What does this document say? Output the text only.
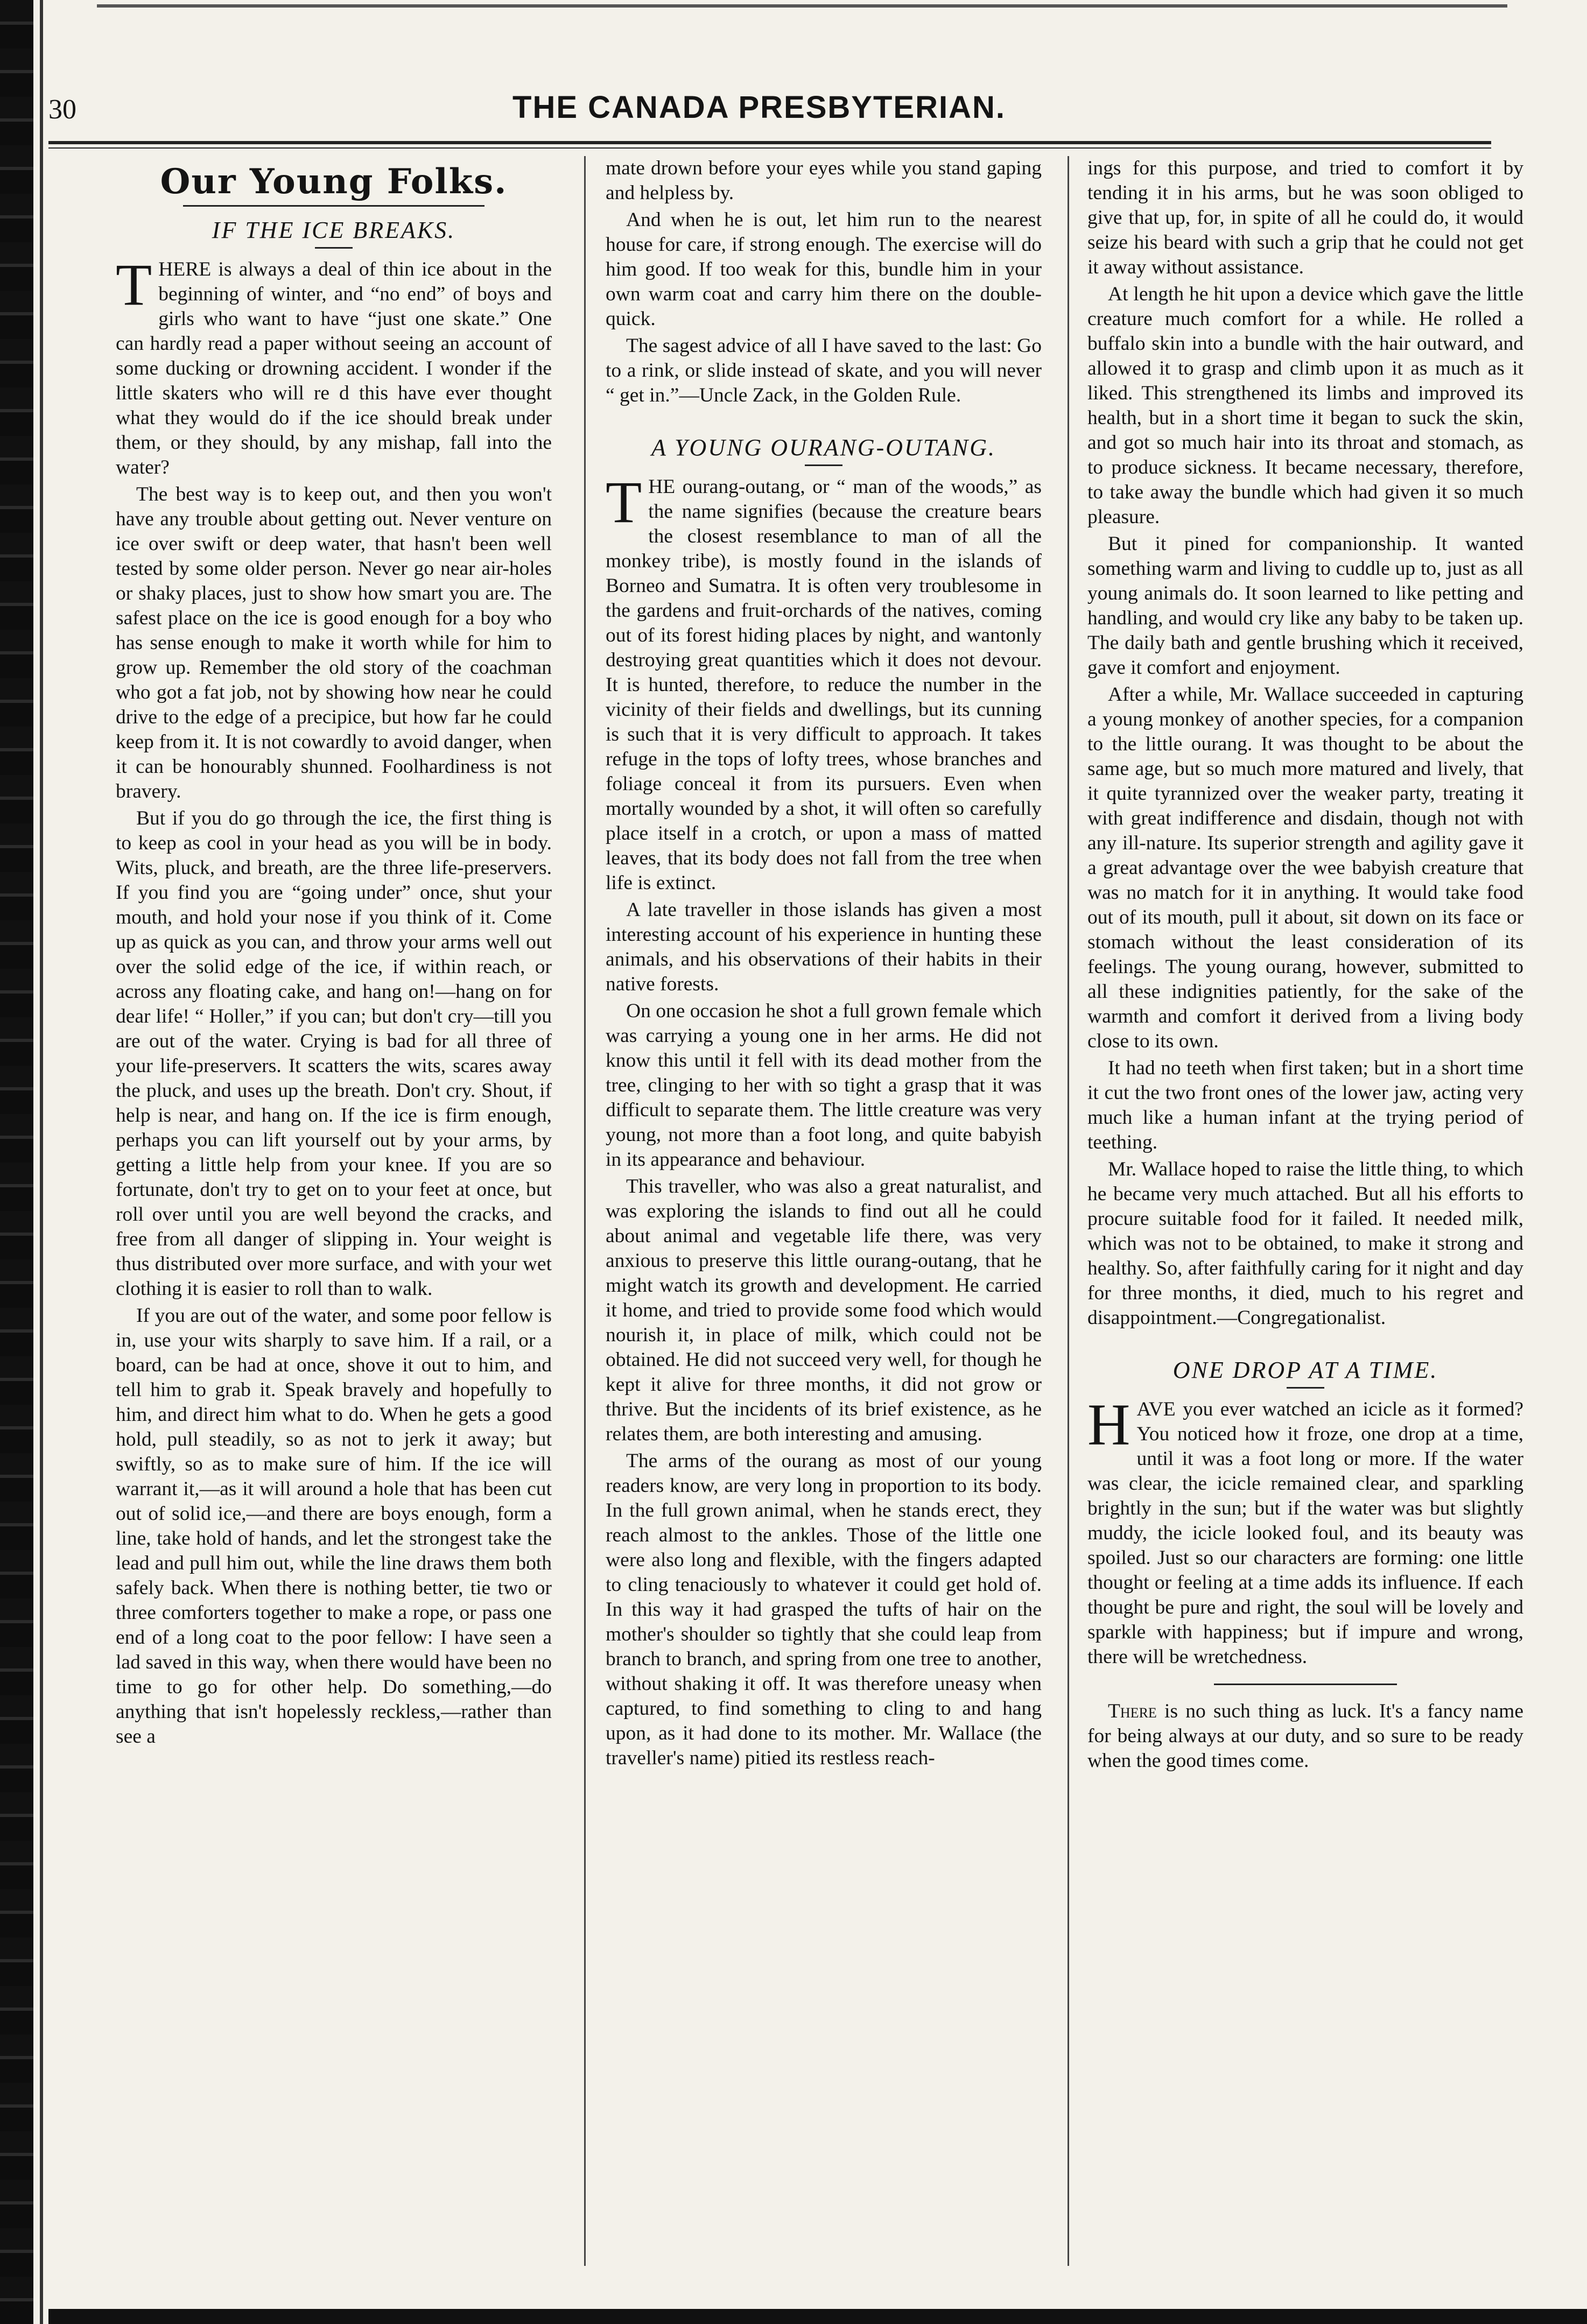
30	THE CANADA PRESBYTERIAN.
Our Young Folks.
IF THE ICE BREAKS.

THERE is always a deal of thin ice about in the beginning of winter, and “no end” of boys and girls who want to have “just one skate.” One can hardly read a paper without seeing an account of some ducking or drowning accident. I wonder if the little skaters who will re d this have ever thought what they would do if the ice should break under them, or they should, by any mishap, fall into the water?

The best way is to keep out, and then you won't have any trouble about getting out. Never venture on ice over swift or deep water, that hasn't been well tested by some older person. Never go near air-holes or shaky places, just to show how smart you are. The safest place on the ice is good enough for a boy who has sense enough to make it worth while for him to grow up. Remember the old story of the coachman who got a fat job, not by showing how near he could drive to the edge of a precipice, but how far he could keep from it. It is not cowardly to avoid danger, when it can be honourably shunned. Foolhardiness is not bravery.

But if you do go through the ice, the first thing is to keep as cool in your head as you will be in body. Wits, pluck, and breath, are the three life-preservers. If you find you are “going under” once, shut your mouth, and hold your nose if you think of it. Come up as quick as you can, and throw your arms well out over the solid edge of the ice, if within reach, or across any floating cake, and hang on!—hang on for dear life! “ Holler,” if you can; but don't cry—till you are out of the water. Crying is bad for all three of your life-preservers. It scatters the wits, scares away the pluck, and uses up the breath. Don't cry. Shout, if help is near, and hang on. If the ice is firm enough, perhaps you can lift yourself out by your arms, by getting a little help from your knee. If you are so fortunate, don't try to get on to your feet at once, but roll over until you are well beyond the cracks, and free from all danger of slipping in. Your weight is thus distributed over more surface, and with your wet clothing it is easier to roll than to walk.

If you are out of the water, and some poor fellow is in, use your wits sharply to save him. If a rail, or a board, can be had at once, shove it out to him, and tell him to grab it. Speak bravely and hopefully to him, and direct him what to do. When he gets a good hold, pull steadily, so as not to jerk it away; but swiftly, so as to make sure of him. If the ice will warrant it,—as it will around a hole that has been cut out of solid ice,—and there are boys enough, form a line, take hold of hands, and let the strongest take the lead and pull him out, while the line draws them both safely back. When there is nothing better, tie two or three comforters together to make a rope, or pass one end of a long coat to the poor fellow: I have seen a lad saved in this way, when there would have been no time to go for other help. Do something,—do anything that isn't hopelessly reckless,—rather than see a

mate drown before your eyes while you stand gaping and helpless by.

And when he is out, let him run to the nearest house for care, if strong enough. The exercise will do him good. If too weak for this, bundle him in your own warm coat and carry him there on the double-quick.

The sagest advice of all I have saved to the last: Go to a rink, or slide instead of skate, and you will never “ get in.”—Uncle Zack, in the Golden Rule.

A YOUNG OURANG-OUTANG.

THE ourang-outang, or “ man of the woods,” as the name signifies (because the creature bears the closest resemblance to man of all the monkey tribe), is mostly found in the islands of Borneo and Sumatra. It is often very troublesome in the gardens and fruit-orchards of the natives, coming out of its forest hiding places by night, and wantonly destroying great quantities which it does not devour. It is hunted, therefore, to reduce the number in the vicinity of their fields and dwellings, but its cunning is such that it is very difficult to approach. It takes refuge in the tops of lofty trees, whose branches and foliage conceal it from its pursuers. Even when mortally wounded by a shot, it will often so carefully place itself in a crotch, or upon a mass of matted leaves, that its body does not fall from the tree when life is extinct.

A late traveller in those islands has given a most interesting account of his experience in hunting these animals, and his observations of their habits in their native forests.

On one occasion he shot a full grown female which was carrying a young one in her arms. He did not know this until it fell with its dead mother from the tree, clinging to her with so tight a grasp that it was difficult to separate them. The little creature was very young, not more than a foot long, and quite babyish in its appearance and behaviour.

This traveller, who was also a great naturalist, and was exploring the islands to find out all he could about animal and vegetable life there, was very anxious to preserve this little ourang-outang, that he might watch its growth and development. He carried it home, and tried to provide some food which would nourish it, in place of milk, which could not be obtained. He did not succeed very well, for though he kept it alive for three months, it did not grow or thrive. But the incidents of its brief existence, as he relates them, are both interesting and amusing.

The arms of the ourang as most of our young readers know, are very long in proportion to its body. In the full grown animal, when he stands erect, they reach almost to the ankles. Those of the little one were also long and flexible, with the fingers adapted to cling tenaciously to whatever it could get hold of. In this way it had grasped the tufts of hair on the mother's shoulder so tightly that she could leap from branch to branch, and spring from one tree to another, without shaking it off. It was therefore uneasy when captured, to find something to cling to and hang upon, as it had done to its mother. Mr. Wallace (the traveller's name) pitied its restless reach-

ings for this purpose, and tried to comfort it by tending it in his arms, but he was soon obliged to give that up, for, in spite of all he could do, it would seize his beard with such a grip that he could not get it away without assistance.

At length he hit upon a device which gave the little creature much comfort for a while. He rolled a buffalo skin into a bundle with the hair outward, and allowed it to grasp and climb upon it as much as it liked. This strengthened its limbs and improved its health, but in a short time it began to suck the skin, and got so much hair into its throat and stomach, as to produce sickness. It became necessary, therefore, to take away the bundle which had given it so much pleasure.

But it pined for companionship. It wanted something warm and living to cuddle up to, just as all young animals do. It soon learned to like petting and handling, and would cry like any baby to be taken up. The daily bath and gentle brushing which it received, gave it comfort and enjoyment.

After a while, Mr. Wallace succeeded in capturing a young monkey of another species, for a companion to the little ourang. It was thought to be about the same age, but so much more matured and lively, that it quite tyrannized over the weaker party, treating it with great indifference and disdain, though not with any ill-nature. Its superior strength and agility gave it a great advantage over the wee babyish creature that was no match for it in anything. It would take food out of its mouth, pull it about, sit down on its face or stomach without the least consideration of its feelings. The young ourang, however, submitted to all these indignities patiently, for the sake of the warmth and comfort it derived from a living body close to its own.

It had no teeth when first taken; but in a short time it cut the two front ones of the lower jaw, acting very much like a human infant at the trying period of teething.

Mr. Wallace hoped to raise the little thing, to which he became very much attached. But all his efforts to procure suitable food for it failed. It needed milk, which was not to be obtained, to make it strong and healthy. So, after faithfully caring for it night and day for three months, it died, much to his regret and disappointment.—Congregationalist.

ONE DROP AT A TIME.

HAVE you ever watched an icicle as it formed? You noticed how it froze, one drop at a time, until it was a foot long or more. If the water was clear, the icicle remained clear, and sparkling brightly in the sun; but if the water was but slightly muddy, the icicle looked foul, and its beauty was spoiled. Just so our characters are forming: one little thought or feeling at a time adds its influence. If each thought be pure and right, the soul will be lovely and sparkle with happiness; but if impure and wrong, there will be wretchedness.

There is no such thing as luck. It's a fancy name for being always at our duty, and so sure to be ready when the good times come.
